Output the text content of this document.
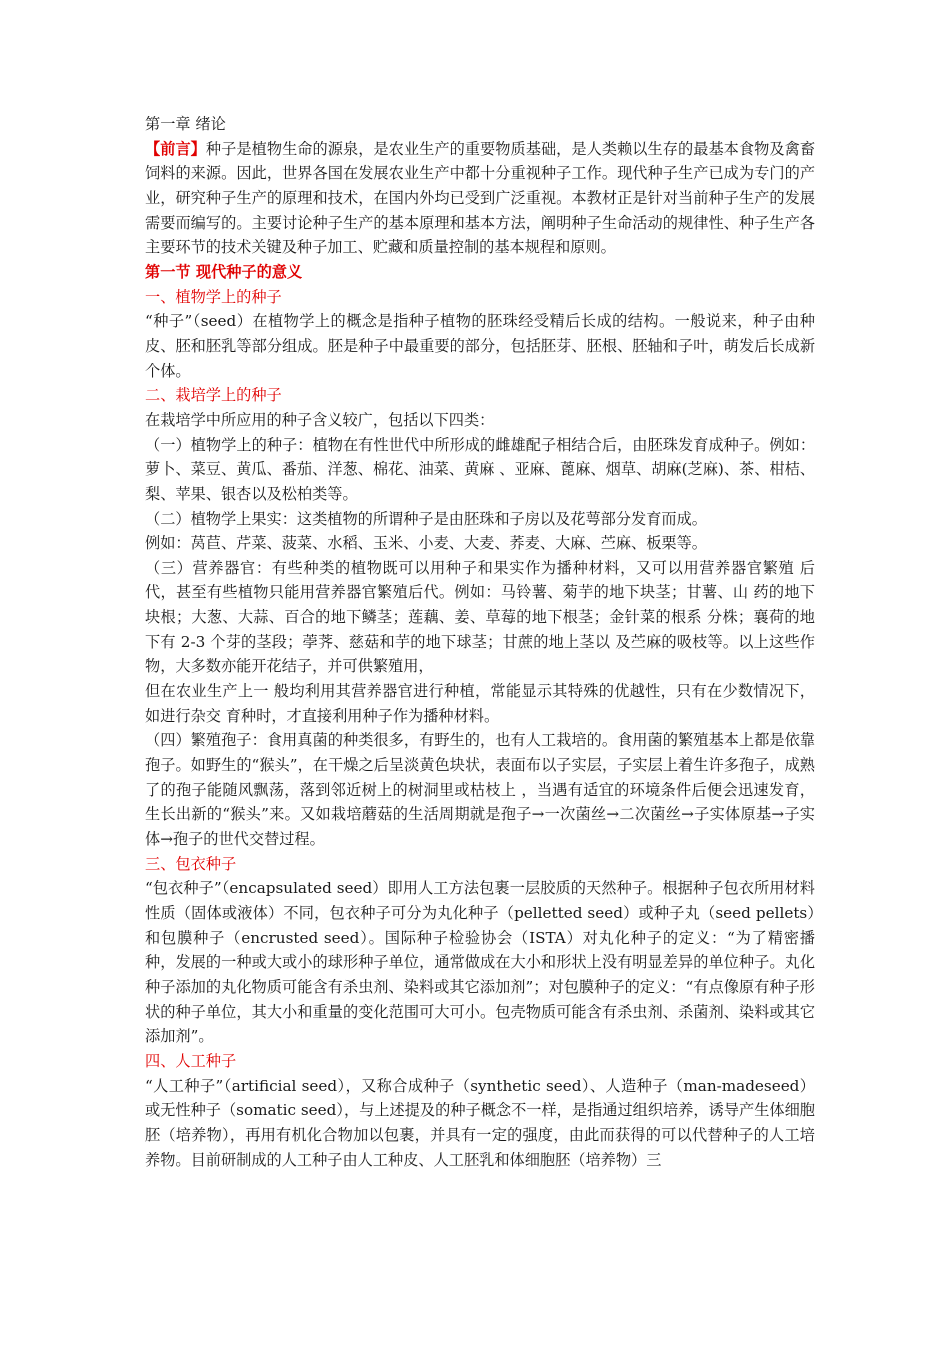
第一章 绪论

【前言】种子是植物生命的源泉，是农业生产的重要物质基础，是人类赖以生存的最基本食物及禽畜饲料的来源。因此，世界各国在发展农业生产中都十分重视种子工作。现代种子生产已成为专门的产业，研究种子生产的原理和技术，在国内外均已受到广泛重视。本教材正是针对当前种子生产的发展需要而编写的。主要讨论种子生产的基本原理和基本方法，阐明种子生命活动的规律性、种子生产各主要环节的技术关键及种子加工、贮藏和质量控制的基本规程和原则。

第一节 现代种子的意义

一、植物学上的种子

“种子”（seed）在植物学上的概念是指种子植物的胚珠经受精后长成的结构。一般说来，种子由种皮、胚和胚乳等部分组成。胚是种子中最重要的部分，包括胚芽、胚根、胚轴和子叶，萌发后长成新个体。

二、栽培学上的种子

在栽培学中所应用的种子含义较广，包括以下四类：

（一）植物学上的种子：植物在有性世代中所形成的雌雄配子相结合后，由胚珠发育成种子。例如：萝卜、菜豆、黄瓜、番茄、洋葱、棉花、油菜、黄麻 、亚麻、蓖麻、烟草、胡麻(芝麻)、茶、柑桔、梨、苹果、银杏以及松柏类等。

（二）植物学上果实：这类植物的所谓种子是由胚珠和子房以及花萼部分发育而成。

例如：莴苣、芹菜、菠菜、水稻、玉米、小麦、大麦、荞麦、大麻、苎麻、板栗等。

（三）营养器官：有些种类的植物既可以用种子和果实作为播种材料，又可以用营养器官繁殖 后代，甚至有些植物只能用营养器官繁殖后代。例如：马铃薯、菊芋的地下块茎；甘薯、山 药的地下块根；大葱、大蒜、百合的地下鳞茎；莲藕、姜、草莓的地下根茎；金针菜的根系 分株；襄荷的地下有 2-3 个芽的茎段；荸荠、慈菇和芋的地下球茎；甘蔗的地上茎以 及苎麻的吸枝等。以上这些作物，大多数亦能开花结子，并可供繁殖用，

但在农业生产上一 般均利用其营养器官进行种植，常能显示其特殊的优越性，只有在少数情况下，如进行杂交 育种时，才直接利用种子作为播种材料。

（四）繁殖孢子：食用真菌的种类很多，有野生的，也有人工栽培的。食用菌的繁殖基本上都是依靠孢子。如野生的“猴头”，在干燥之后呈淡黄色块状，表面布以子实层，子实层上着生许多孢子，成熟了的孢子能随风飘荡，落到邻近树上的树洞里或枯枝上 ，当遇有适宜的环境条件后便会迅速发育，生长出新的“猴头”来。又如栽培蘑菇的生活周期就是孢子→一次菌丝→二次菌丝→子实体原基→子实体→孢子的世代交替过程。

三、包衣种子

“包衣种子”（encapsulated seed）即用人工方法包裹一层胶质的天然种子。根据种子包衣所用材料性质（固体或液体）不同，包衣种子可分为丸化种子（pelletted seed）或种子丸（seed pellets）和包膜种子（encrusted seed）。国际种子检验协会（ISTA）对丸化种子的定义：“为了精密播种，发展的一种或大或小的球形种子单位，通常做成在大小和形状上没有明显差异的单位种子。丸化种子添加的丸化物质可能含有杀虫剂、染料或其它添加剂”；对包膜种子的定义：“有点像原有种子形状的种子单位，其大小和重量的变化范围可大可小。包壳物质可能含有杀虫剂、杀菌剂、染料或其它添加剂”。

四、人工种子

“人工种子”（artificial seed），又称合成种子（synthetic seed）、人造种子（man-madeseed）或无性种子（somatic seed），与上述提及的种子概念不一样，是指通过组织培养，诱导产生体细胞胚（培养物），再用有机化合物加以包裹，并具有一定的强度，由此而获得的可以代替种子的人工培养物。目前研制成的人工种子由人工种皮、人工胚乳和体细胞胚（培养物）三
